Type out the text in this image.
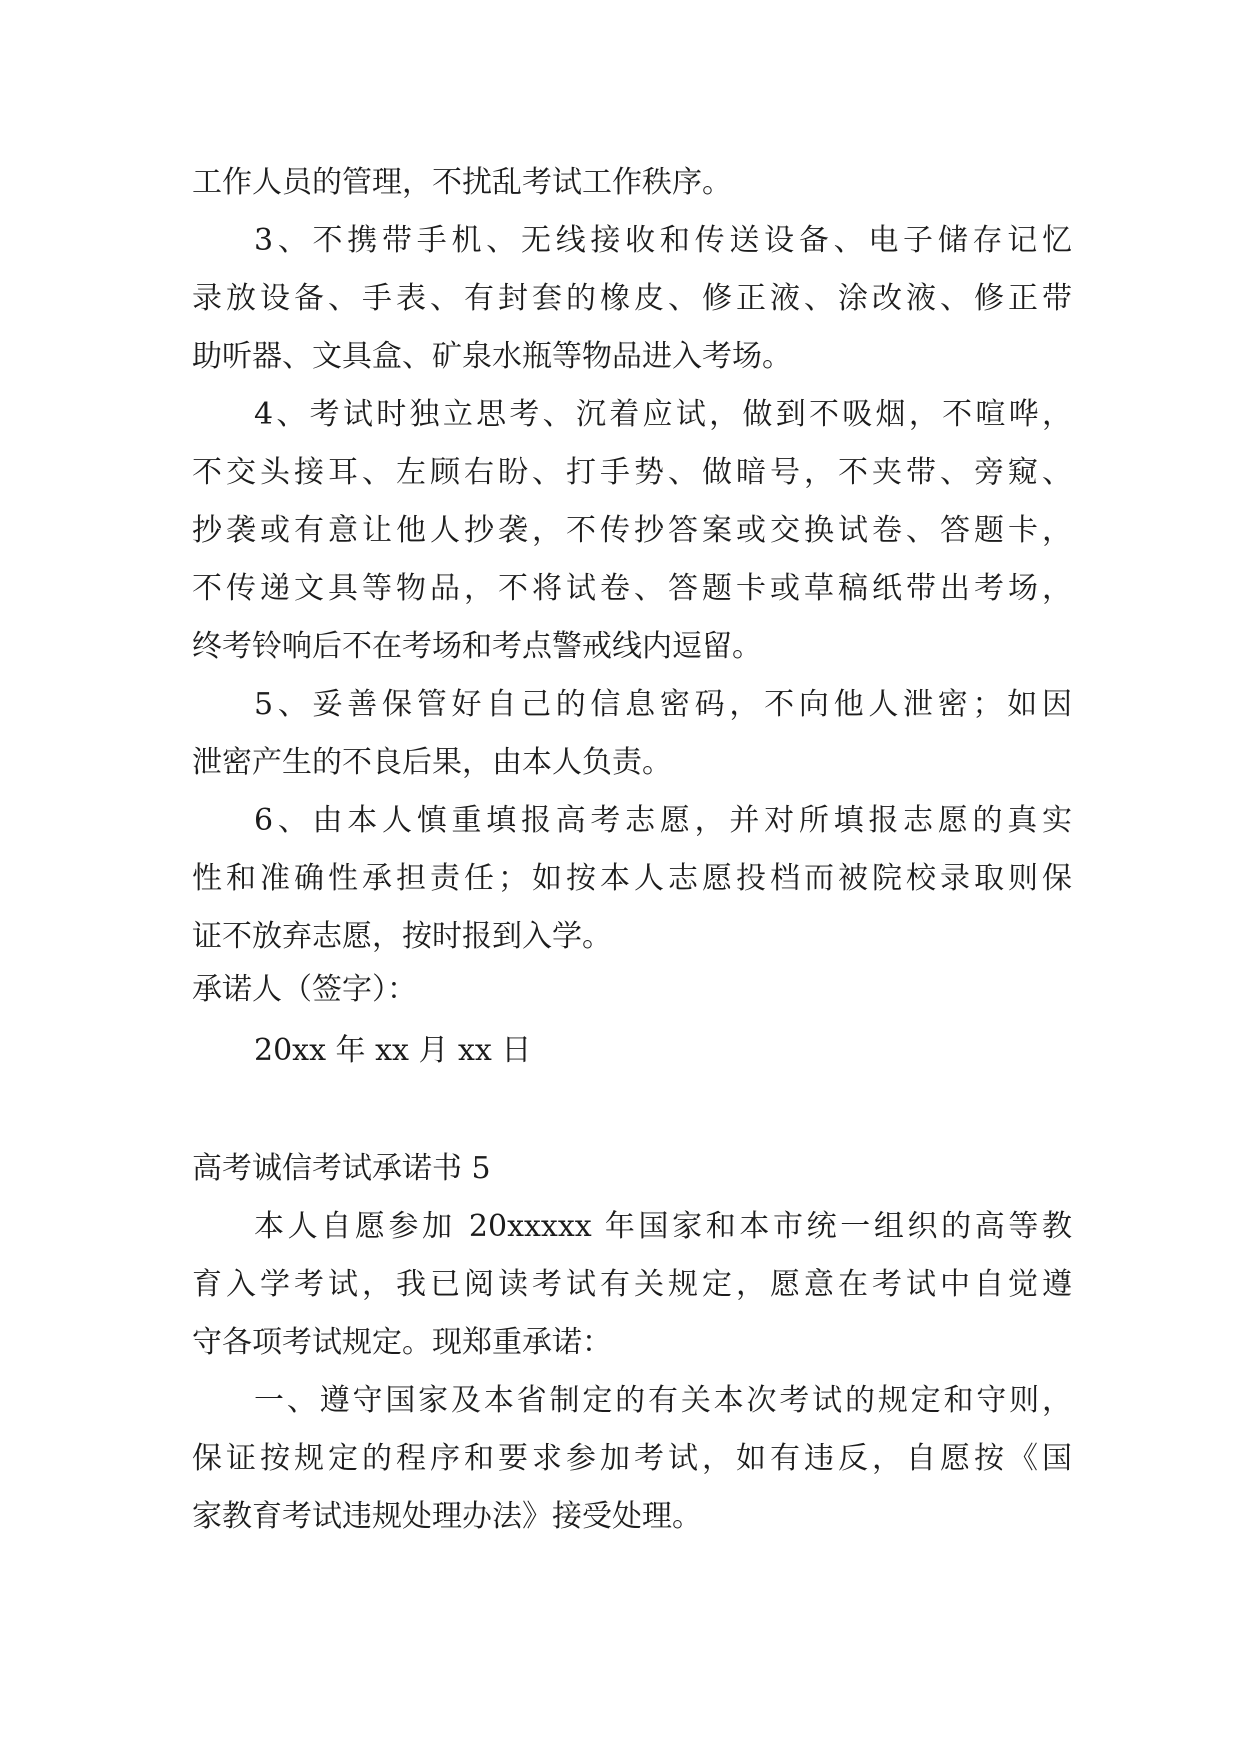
工作人员的管理，不扰乱考试工作秩序。
3、不携带手机、无线接收和传送设备、电子储存记忆
录放设备、手表、有封套的橡皮、修正液、涂改液、修正带
助听器、文具盒、矿泉水瓶等物品进入考场。
4、考试时独立思考、沉着应试，做到不吸烟，不喧哗，
不交头接耳、左顾右盼、打手势、做暗号，不夹带、旁窥、
抄袭或有意让他人抄袭，不传抄答案或交换试卷、答题卡，
不传递文具等物品，不将试卷、答题卡或草稿纸带出考场，
终考铃响后不在考场和考点警戒线内逗留。
5、妥善保管好自己的信息密码，不向他人泄密；如因
泄密产生的不良后果，由本人负责。
6、由本人慎重填报高考志愿，并对所填报志愿的真实
性和准确性承担责任；如按本人志愿投档而被院校录取则保
证不放弃志愿，按时报到入学。
承诺人（签字）：
20xx 年 xx 月 xx 日
高考诚信考试承诺书 5
本人自愿参加 20xxxxx 年国家和本市统一组织的高等教
育入学考试，我已阅读考试有关规定，愿意在考试中自觉遵
守各项考试规定。现郑重承诺：
一、遵守国家及本省制定的有关本次考试的规定和守则，
保证按规定的程序和要求参加考试，如有违反，自愿按《国
家教育考试违规处理办法》接受处理。
